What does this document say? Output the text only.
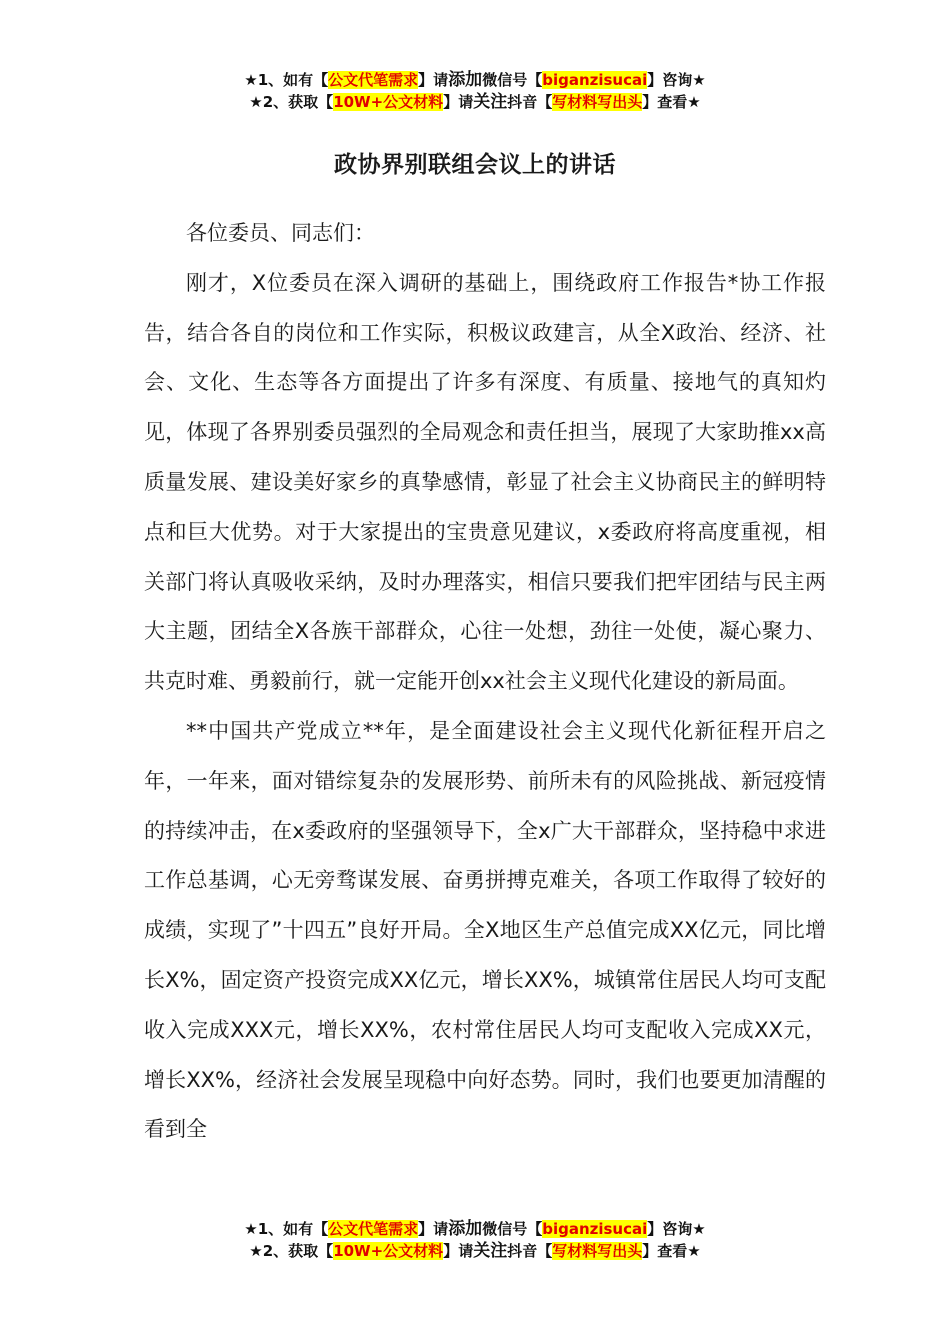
★1、如有【公文代笔需求】请添加微信号【biganzisucai】咨询★
★2、获取【10W+公文材料】请关注抖音【写材料写出头】查看★
政协界别联组会议上的讲话

各位委员、同志们：

刚才，X位委员在深入调研的基础上，围绕政府工作报告*协工作报告，结合各自的岗位和工作实际，积极议政建言，从全X政治、经济、社会、文化、生态等各方面提出了许多有深度、有质量、接地气的真知灼见，体现了各界别委员强烈的全局观念和责任担当，展现了大家助推xx高质量发展、建设美好家乡的真挚感情，彰显了社会主义协商民主的鲜明特点和巨大优势。对于大家提出的宝贵意见建议，x委政府将高度重视，相关部门将认真吸收采纳，及时办理落实，相信只要我们把牢团结与民主两大主题，团结全X各族干部群众，心往一处想，劲往一处使，凝心聚力、共克时难、勇毅前行，就一定能开创xx社会主义现代化建设的新局面。

**中国共产党成立**年，是全面建设社会主义现代化新征程开启之年，一年来，面对错综复杂的发展形势、前所未有的风险挑战、新冠疫情的持续冲击，在x委政府的坚强领导下，全x广大干部群众，坚持稳中求进工作总基调，心无旁骛谋发展、奋勇拼搏克难关，各项工作取得了较好的成绩，实现了”十四五”良好开局。全X地区生产总值完成XX亿元，同比增长X%，固定资产投资完成XX亿元，增长XX%，城镇常住居民人均可支配收入完成XXX元，增长XX%，农村常住居民人均可支配收入完成XX元，增长XX%，经济社会发展呈现稳中向好态势。同时，我们也要更加清醒的看到全

★1、如有【公文代笔需求】请添加微信号【biganzisucai】咨询★
★2、获取【10W+公文材料】请关注抖音【写材料写出头】查看★
